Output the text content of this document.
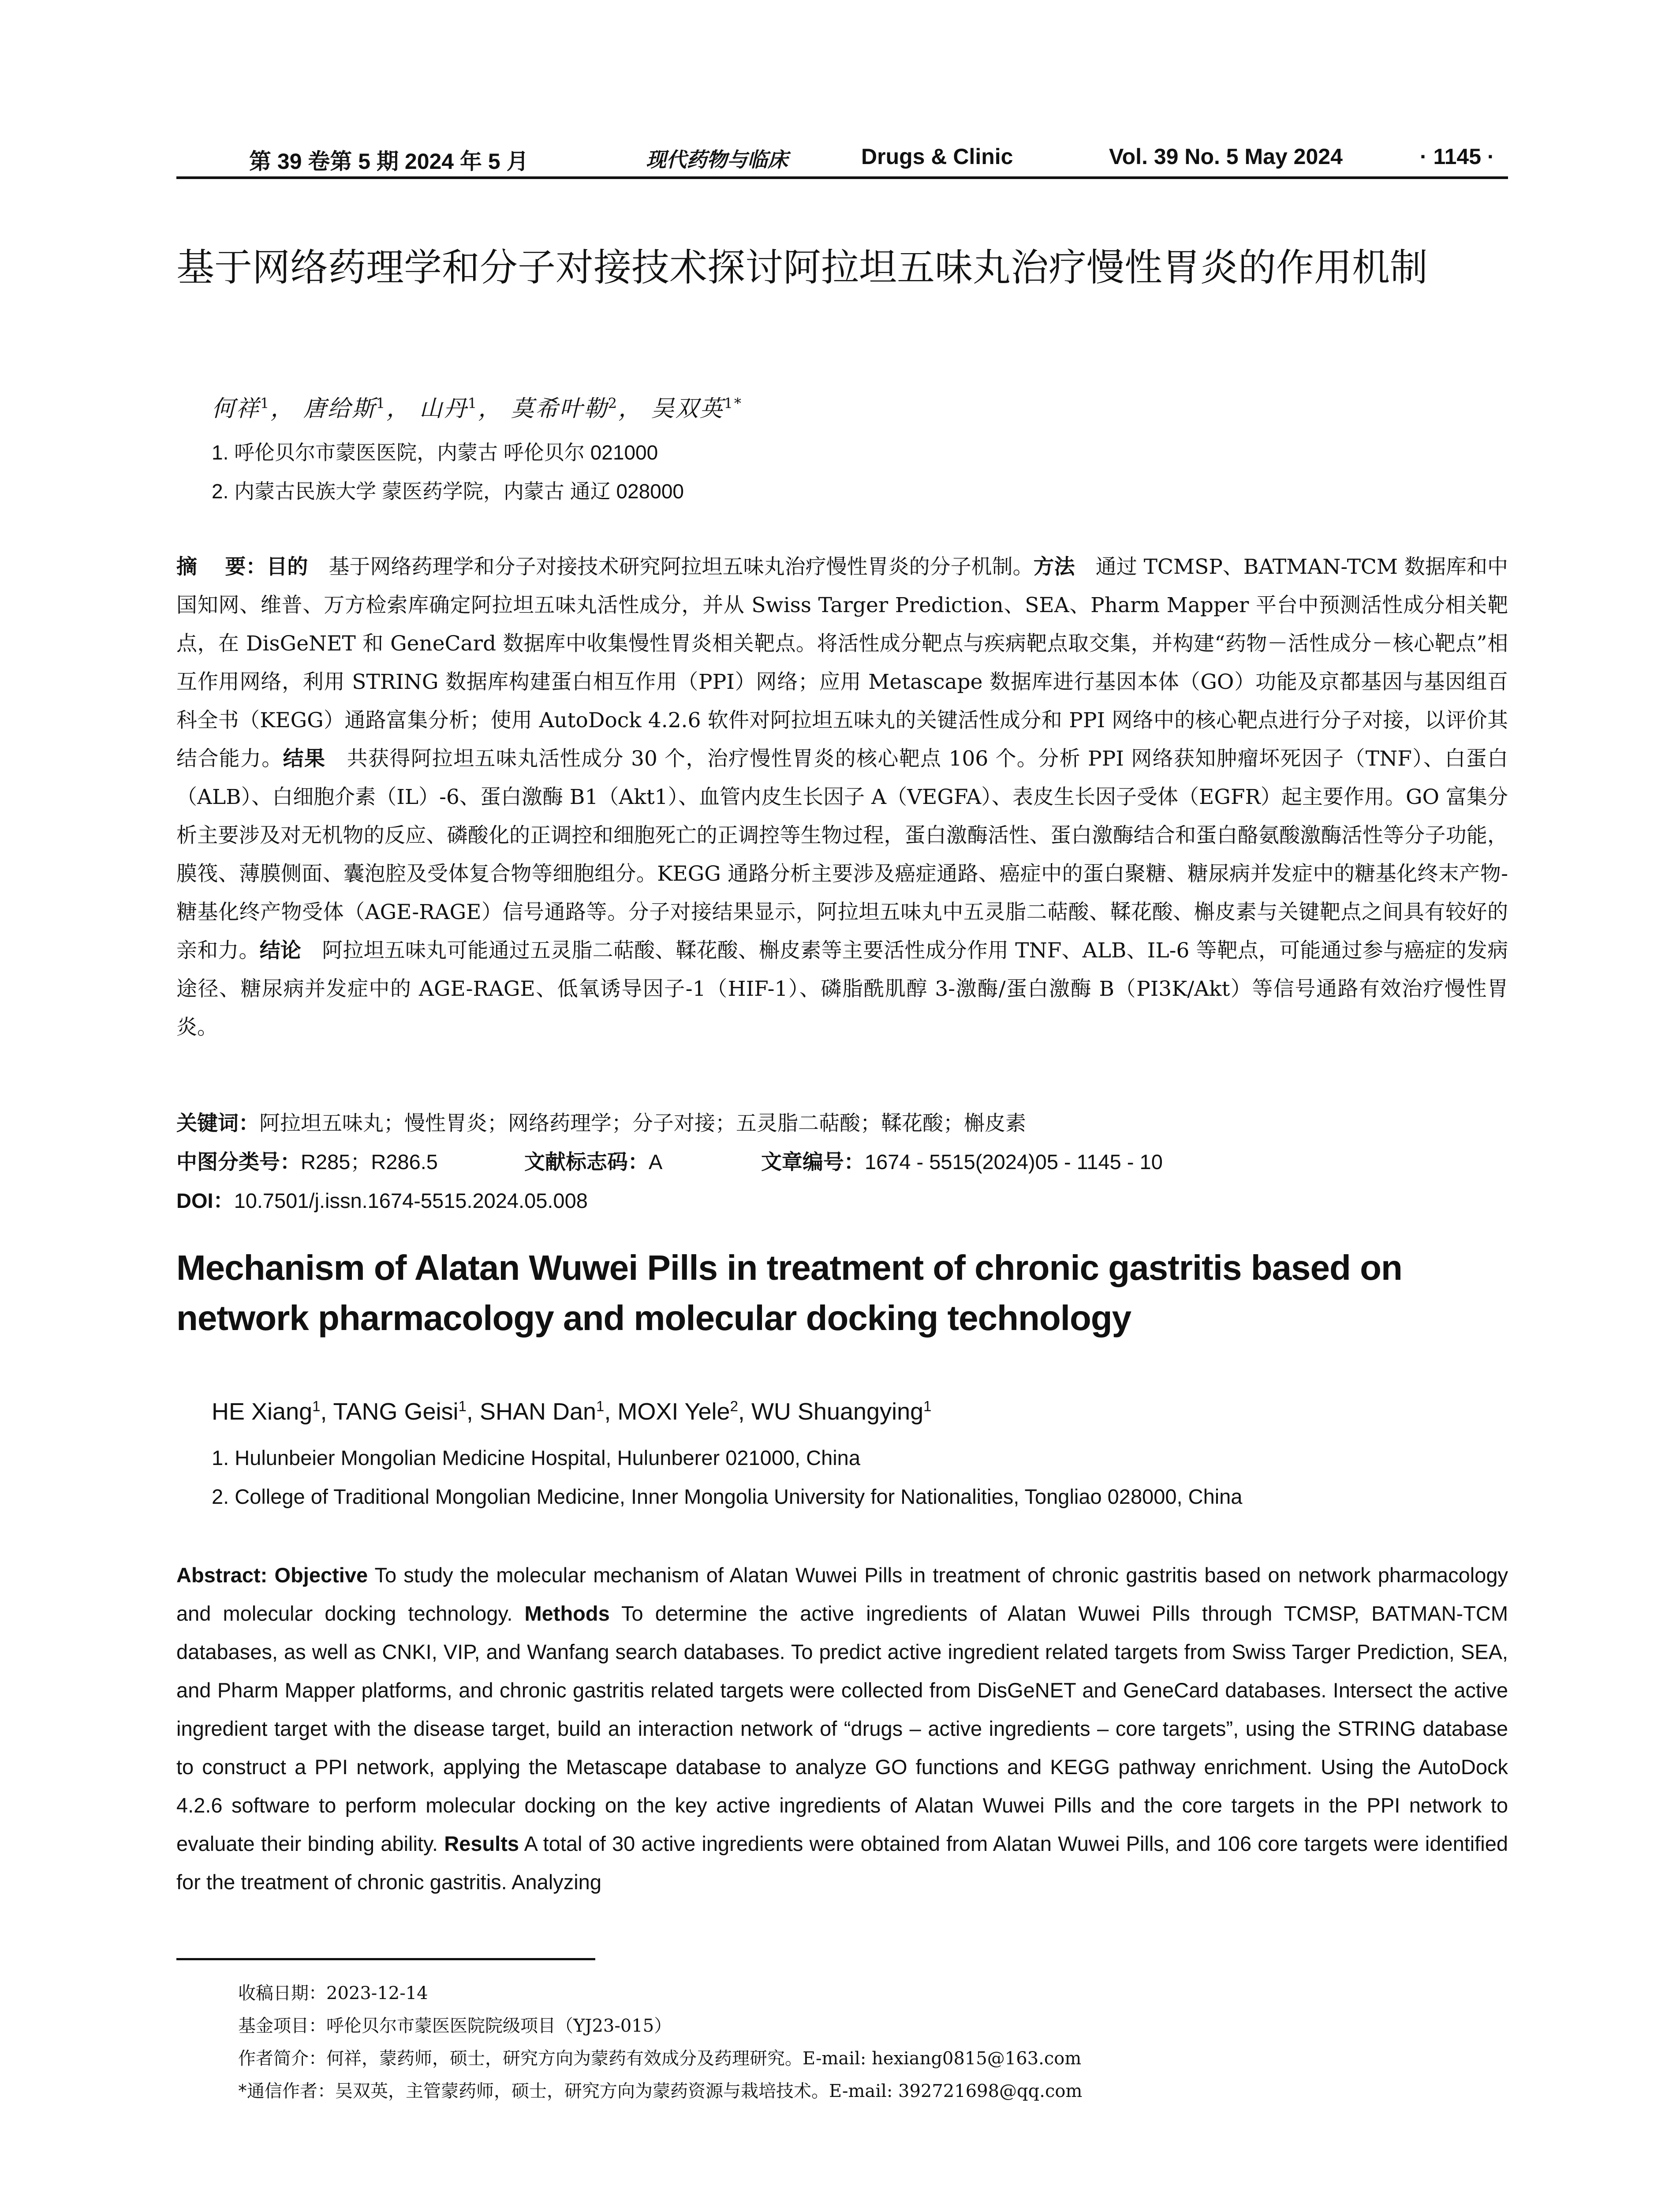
第 39 卷第 5 期 2024 年 5 月	现代药物与临床	Drugs & Clinic	Vol. 39 No. 5 May 2024	· 1145 ·
基于网络药理学和分子对接技术探讨阿拉坦五味丸治疗慢性胃炎的作用机制
何祥$^1$， 唐给斯$^1$， 山丹$^1$， 莫希叶勒$^2$， 吴双英$^{1*}$
1. 呼伦贝尔市蒙医医院，内蒙古 呼伦贝尔 021000
2. 内蒙古民族大学 蒙医药学院，内蒙古 通辽 028000
摘　 要：目的　基于网络药理学和分子对接技术研究阿拉坦五味丸治疗慢性胃炎的分子机制。方法　通过 TCMSP、BATMAN-TCM 数据库和中国知网、维普、万方检索库确定阿拉坦五味丸活性成分，并从 Swiss Targer Prediction、SEA、Pharm Mapper 平台中预测活性成分相关靶点，在 DisGeNET 和 GeneCard 数据库中收集慢性胃炎相关靶点。将活性成分靶点与疾病靶点取交集，并构建“药物－活性成分－核心靶点”相互作用网络，利用 STRING 数据库构建蛋白相互作用（PPI）网络；应用 Metascape 数据库进行基因本体（GO）功能及京都基因与基因组百科全书（KEGG）通路富集分析；使用 AutoDock 4.2.6 软件对阿拉坦五味丸的关键活性成分和 PPI 网络中的核心靶点进行分子对接，以评价其结合能力。结果　共获得阿拉坦五味丸活性成分 30 个，治疗慢性胃炎的核心靶点 106 个。分析 PPI 网络获知肿瘤坏死因子（TNF）、白蛋白（ALB）、白细胞介素（IL）-6、蛋白激酶 B1（Akt1）、血管内皮生长因子 A（VEGFA）、表皮生长因子受体（EGFR）起主要作用。GO 富集分析主要涉及对无机物的反应、磷酸化的正调控和细胞死亡的正调控等生物过程，蛋白激酶活性、蛋白激酶结合和蛋白酪氨酸激酶活性等分子功能，膜筏、薄膜侧面、囊泡腔及受体复合物等细胞组分。KEGG 通路分析主要涉及癌症通路、癌症中的蛋白聚糖、糖尿病并发症中的糖基化终末产物-糖基化终产物受体（AGE-RAGE）信号通路等。分子对接结果显示，阿拉坦五味丸中五灵脂二萜酸、鞣花酸、槲皮素与关键靶点之间具有较好的亲和力。结论　阿拉坦五味丸可能通过五灵脂二萜酸、鞣花酸、槲皮素等主要活性成分作用 TNF、ALB、IL-6 等靶点，可能通过参与癌症的发病途径、糖尿病并发症中的 AGE-RAGE、低氧诱导因子-1（HIF-1）、磷脂酰肌醇 3-激酶/蛋白激酶 B（PI3K/Akt）等信号通路有效治疗慢性胃炎。
关键词：阿拉坦五味丸；慢性胃炎；网络药理学；分子对接；五灵脂二萜酸；鞣花酸；槲皮素
中图分类号：R285；R286.5	文献标志码：A	文章编号：1674 - 5515(2024)05 - 1145 - 10
DOI：10.7501/j.issn.1674-5515.2024.05.008
Mechanism of Alatan Wuwei Pills in treatment of chronic gastritis based on network pharmacology and molecular docking technology
HE Xiang$^1$, TANG Geisi$^1$, SHAN Dan$^1$, MOXI Yele$^2$, WU Shuangying$^1$
1. Hulunbeier Mongolian Medicine Hospital, Hulunberer 021000, China
2. College of Traditional Mongolian Medicine, Inner Mongolia University for Nationalities, Tongliao 028000, China
Abstract: Objective To study the molecular mechanism of Alatan Wuwei Pills in treatment of chronic gastritis based on network pharmacology and molecular docking technology. Methods To determine the active ingredients of Alatan Wuwei Pills through TCMSP, BATMAN-TCM databases, as well as CNKI, VIP, and Wanfang search databases. To predict active ingredient related targets from Swiss Targer Prediction, SEA, and Pharm Mapper platforms, and chronic gastritis related targets were collected from DisGeNET and GeneCard databases. Intersect the active ingredient target with the disease target, build an interaction network of “drugs – active ingredients – core targets”, using the STRING database to construct a PPI network, applying the Metascape database to analyze GO functions and KEGG pathway enrichment. Using the AutoDock 4.2.6 software to perform molecular docking on the key active ingredients of Alatan Wuwei Pills and the core targets in the PPI network to evaluate their binding ability. Results A total of 30 active ingredients were obtained from Alatan Wuwei Pills, and 106 core targets were identified for the treatment of chronic gastritis. Analyzing
收稿日期：2023-12-14
基金项目：呼伦贝尔市蒙医医院院级项目（YJ23-015）
作者简介：何祥，蒙药师，硕士，研究方向为蒙药有效成分及药理研究。E-mail: hexiang0815@163.com
*通信作者：吴双英，主管蒙药师，硕士，研究方向为蒙药资源与栽培技术。E-mail: 392721698@qq.com
